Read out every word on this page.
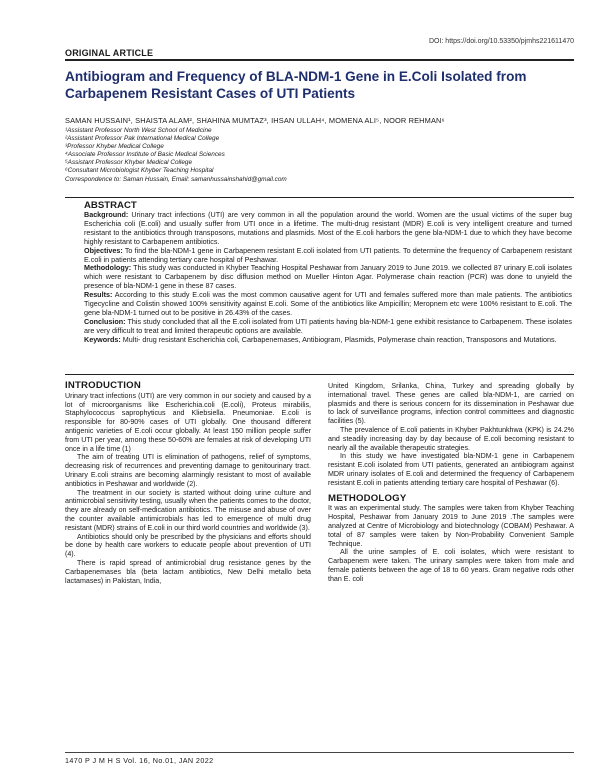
DOI: https://doi.org/10.53350/pjmhs221611470
ORIGINAL ARTICLE
Antibiogram and Frequency of BLA-NDM-1 Gene in E.Coli Isolated from Carbapenem Resistant Cases of UTI Patients
SAMAN HUSSAIN¹, SHAISTA ALAM², SHAHINA MUMTAZ³, IHSAN ULLAH⁴, MOMENA ALI⁵, NOOR REHMAN⁶
¹Assistant Professor North West School of Medicine
²Assistant Professor Pak International Medical College
³Professor Khyber Medical College
⁴Associate Professor Institute of Basic Medical Sciences
⁵Assistant Professor Khyber Medical College
⁶Consultant Microbiologist Khyber Teaching Hospital
Correspondence to: Saman Hussain, Email: samanhussainshahid@gmail.com
ABSTRACT

Background: Urinary tract infections (UTI) are very common in all the population around the world. Women are the usual victims of the super bug Escherichia coli (E.coli) and usually suffer from UTI once in a lifetime. The multi-drug resistant (MDR) E.coli is very intelligent creature and turned resistant to the antibiotics through transposons, mutations and plasmids. Most of the E.coli harbors the gene bla-NDM-1 due to which they have become highly resistant to Carbapenem antibiotics.

Objectives: To find the bla-NDM-1 gene in Carbapenem resistant E.coli isolated from UTI patients. To determine the frequency of Carbapenem resistant E.coli in patients attending tertiary care hospital of Peshawar.

Methodology: This study was conducted in Khyber Teaching Hospital Peshawar from January 2019 to June 2019. we collected 87 urinary E.coli isolates which were resistant to Carbapenem by disc diffusion method on Mueller Hinton Agar. Polymerase chain reaction (PCR) was done to unyield the presence of bla-NDM-1 gene in these 87 cases.

Results: According to this study E.coli was the most common causative agent for UTI and females suffered more than male patients. The antibiotics Tigecycline and Colistin showed 100% sensitivity against E.coli. Some of the antibiotics like Ampicillin; Meropnem etc were 100% resistant to E.coli. The gene bla-NDM-1 turned out to be positive in 26.43% of the cases.

Conclusion: This study concluded that all the E.coli isolated from UTI patients having bla-NDM-1 gene exhibit resistance to Carbapenem. These isolates are very difficult to treat and limited therapeutic options are available.

Keywords: Multi- drug resistant Escherichia coli, Carbapenemases, Antibiogram, Plasmids, Polymerase chain reaction, Transposons and Mutations.

INTRODUCTION

Urinary tract infections (UTI) are very common in our society and caused by a lot of microorganisms like Escherichia.coli (E.coli), Proteus mirabilis, Staphylococcus saprophyticus and Kliebsiella. Pneumoniae. E.coli is responsible for 80-90% cases of UTI globally. One thousand different antigenic varieties of E.coli occur globally. At least 150 million people suffer from UTI per year, among these 50-60% are females at risk of developing UTI once in a life time (1)

The aim of treating UTI is elimination of pathogens, relief of symptoms, decreasing risk of recurrences and preventing damage to genitourinary tract. Urinary E.coli strains are becoming alarmingly resistant to most of available antibiotics in Peshawar and worldwide (2).

The treatment in our society is started without doing urine culture and antimicrobial sensitivity testing, usually when the patients comes to the doctor, they are already on self-medication antibiotics. The misuse and abuse of over the counter available antimicrobials has led to emergence of multi drug resistant (MDR) strains of E.coli in our third world countries and worldwide (3).

Antibiotics should only be prescribed by the physicians and efforts should be done by health care workers to educate people about prevention of UTI (4).

There is rapid spread of antimicrobial drug resistance genes by the Carbapenemases bla (beta lactam antibiotics, New Delhi metallo beta lactamases) in Pakistan, India,

United Kingdom, Srilanka, China, Turkey and spreading globally by international travel. These genes are called bla-NDM-1, are carried on plasmids and there is serious concern for its dissemination in Peshawar due to lack of surveillance programs, infection control committees and diagnostic facilities (5).

The prevalence of E.coli patients in Khyber Pakhtunkhwa (KPK) is 24.2% and steadily increasing day by day because of E.coli becoming resistant to nearly all the available therapeutic strategies.

In this study we have investigated bla-NDM-1 gene in Carbapenem resistant E.coli isolated from UTI patients, generated an antibiogram against MDR urinary isolates of E.coli and determined the frequency of Carbapenem resistant E.coli in patients attending tertiary care hospital of Peshawar (6).

METHODOLOGY

It was an experimental study. The samples were taken from Khyber Teaching Hospital, Peshawar from January 2019 to June 2019 .The samples were analyzed at Centre of Microbiology and biotechnology (COBAM) Peshawar. A total of 87 samples were taken by Non-Probability Convenient Sample Technique.

All the urine samples of E. coli isolates, which were resistant to Carbapenem were taken. The urinary samples were taken from male and female patients between the age of 18 to 60 years. Gram negative rods other than E. coli

1470 P J M H S Vol. 16, No.01, JAN 2022
